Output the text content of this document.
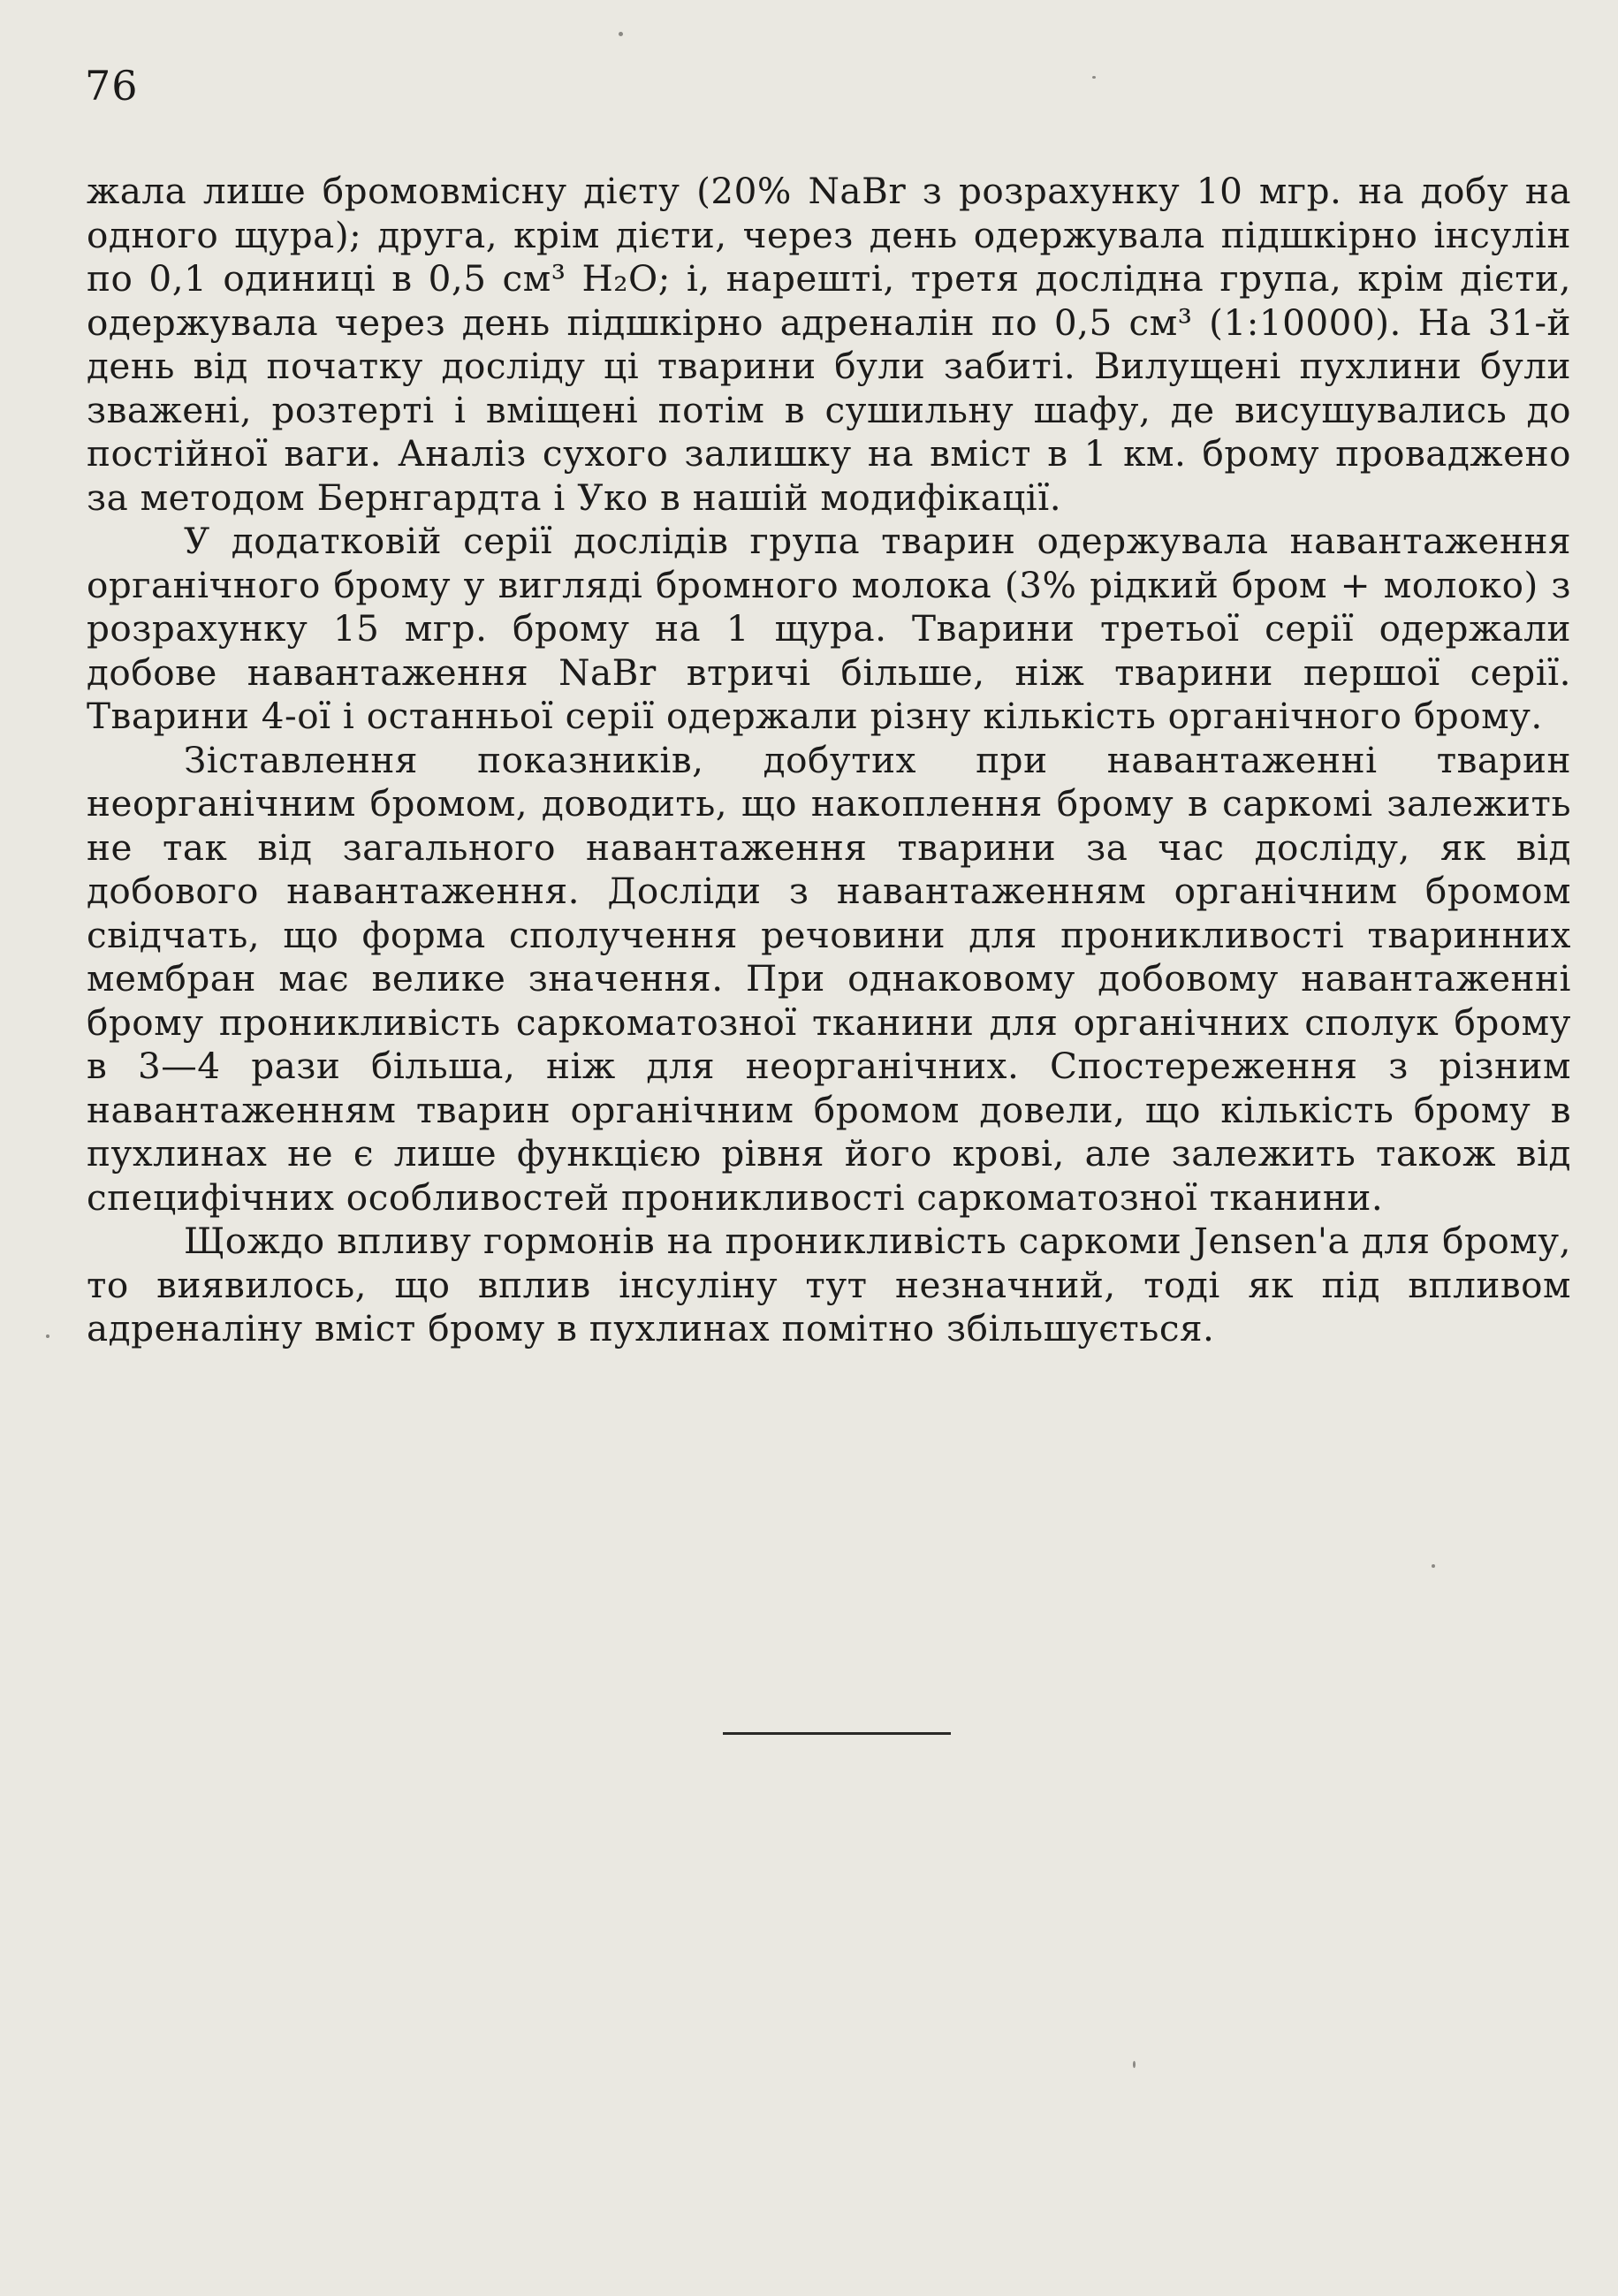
76

жала лише бромовмісну дієту (20% NaBr з розрахунку 10 мгр. на добу на одного щура); друга, крім дієти, через день одержувала підшкірно інсулін по 0,1 одиниці в 0,5 см³ H₂O; і, нарешті, третя дослідна група, крім дієти, одержувала через день підшкірно адреналін по 0,5 см³ (1:10000). На 31-й день від початку досліду ці тварини були забиті. Вилущені пухлини були зважені, розтерті і вміщені потім в сушильну шафу, де висушувались до постійної ваги. Аналіз сухого залишку на вміст в 1 км. брому проваджено за методом Бернгардта і Уко в нашій модифікації.

У додатковій серії дослідів група тварин одержувала навантаження органічного брому у вигляді бромного молока (3% рідкий бром + молоко) з розрахунку 15 мгр. брому на 1 щура. Тварини третьої серії одержали добове навантаження NaBr втричі більше, ніж тварини першої серії. Тварини 4-ої і останньої серії одержали різну кількість органічного брому.

Зіставлення показників, добутих при навантаженні тварин неорганічним бромом, доводить, що накоплення брому в саркомі залежить не так від загального навантаження тварини за час досліду, як від добового навантаження. Досліди з навантаженням органічним бромом свідчать, що форма сполучення речовини для проникливості тваринних мембран має велике значення. При однаковому добовому навантаженні брому проникливість саркоматозної тканини для органічних сполук брому в 3—4 рази більша, ніж для неорганічних. Спостереження з різним навантаженням тварин органічним бромом довели, що кількість брому в пухлинах не є лише функцією рівня його крові, але залежить також від специфічних особливостей проникливості саркоматозної тканини.

Щождо впливу гормонів на проникливість саркоми Jensen'а для брому, то виявилось, що вплив інсуліну тут незначний, тоді як під впливом адреналіну вміст брому в пухлинах помітно збільшується.
